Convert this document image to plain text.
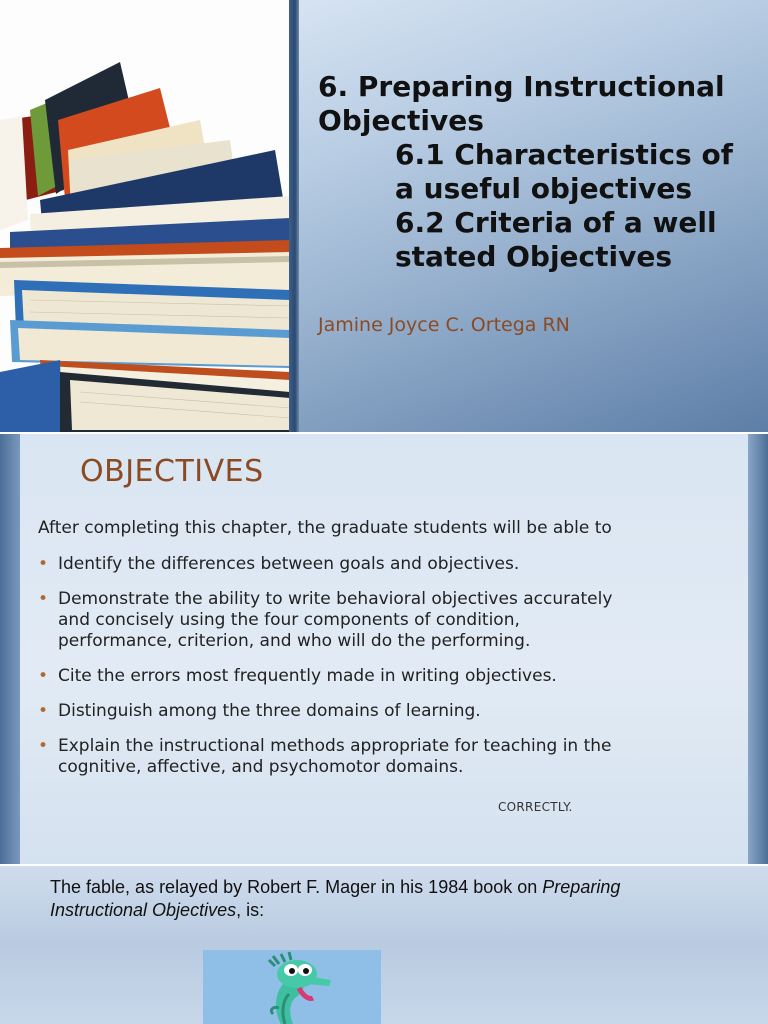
6. Preparing Instructional
Objectives
6.1 Characteristics of
a useful objectives
6.2 Criteria of a well
stated Objectives
Jamine Joyce C. Ortega RN
OBJECTIVES
After completing this chapter, the graduate students will be able to
• Identify the differences between goals and objectives.
• Demonstrate the ability to write behavioral objectives accurately
and concisely using the four components of condition,
performance, criterion, and who will do the performing.
• Cite the errors most frequently made in writing objectives.
• Distinguish among the three domains of learning.
• Explain the instructional methods appropriate for teaching in the
cognitive, affective, and psychomotor domains.
CORRECTLY.

The fable, as relayed by Robert F. Mager in his 1984 book on Preparing Instructional Objectives, is:
